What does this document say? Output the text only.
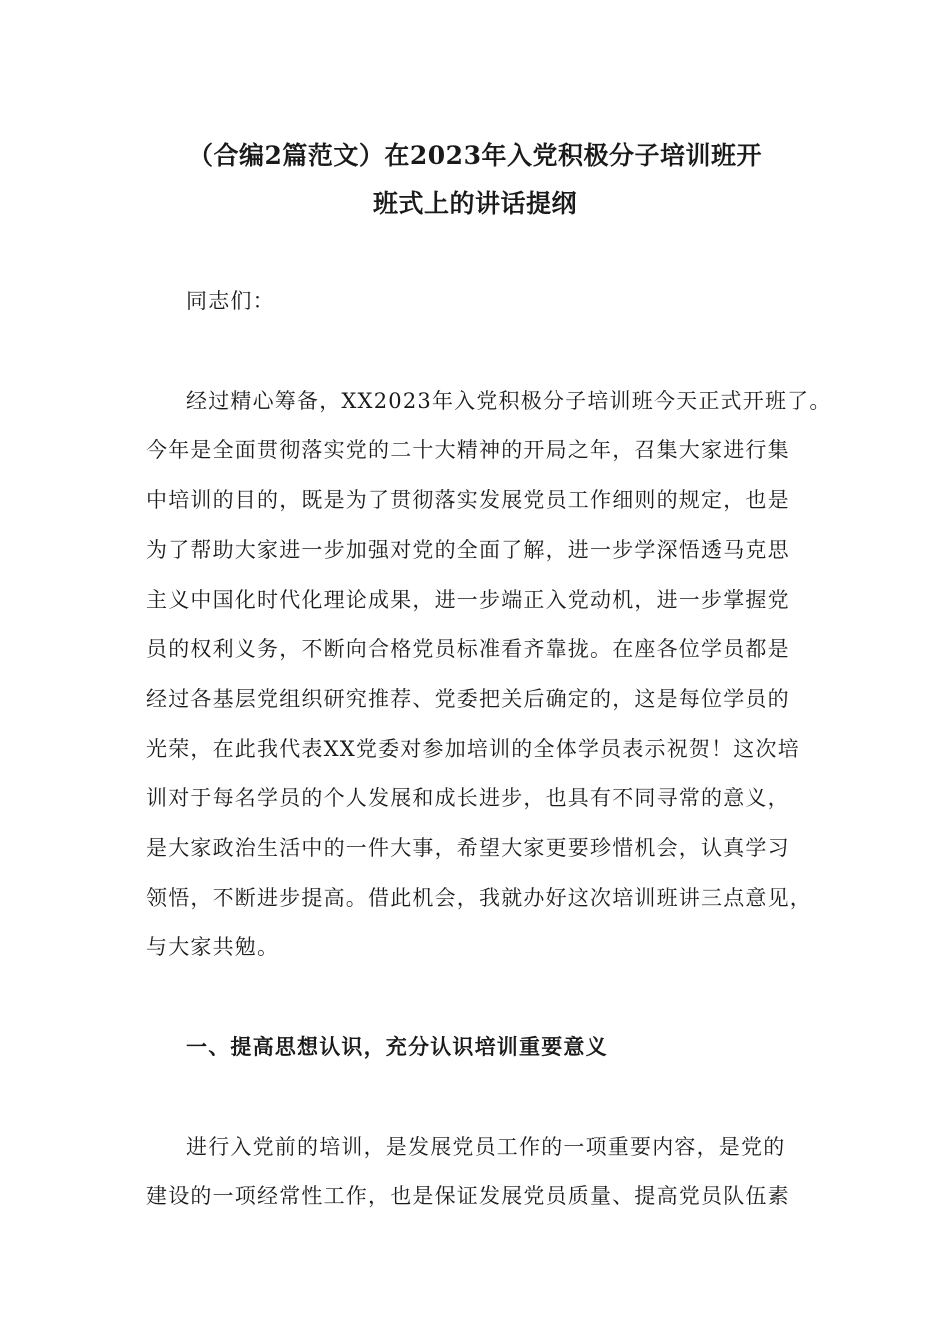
（合编2篇范文）在2023年入党积极分子培训班开
班式上的讲话提纲
同志们：
经过精心筹备，XX2023年入党积极分子培训班今天正式开班了。
今年是全面贯彻落实党的二十大精神的开局之年，召集大家进行集
中培训的目的，既是为了贯彻落实发展党员工作细则的规定，也是
为了帮助大家进一步加强对党的全面了解，进一步学深悟透马克思
主义中国化时代化理论成果，进一步端正入党动机，进一步掌握党
员的权利义务，不断向合格党员标准看齐靠拢。在座各位学员都是
经过各基层党组织研究推荐、党委把关后确定的，这是每位学员的
光荣，在此我代表XX党委对参加培训的全体学员表示祝贺！这次培
训对于每名学员的个人发展和成长进步，也具有不同寻常的意义，
是大家政治生活中的一件大事，希望大家更要珍惜机会，认真学习
领悟，不断进步提高。借此机会，我就办好这次培训班讲三点意见，
与大家共勉。
一、提高思想认识，充分认识培训重要意义
进行入党前的培训，是发展党员工作的一项重要内容，是党的
建设的一项经常性工作，也是保证发展党员质量、提高党员队伍素
